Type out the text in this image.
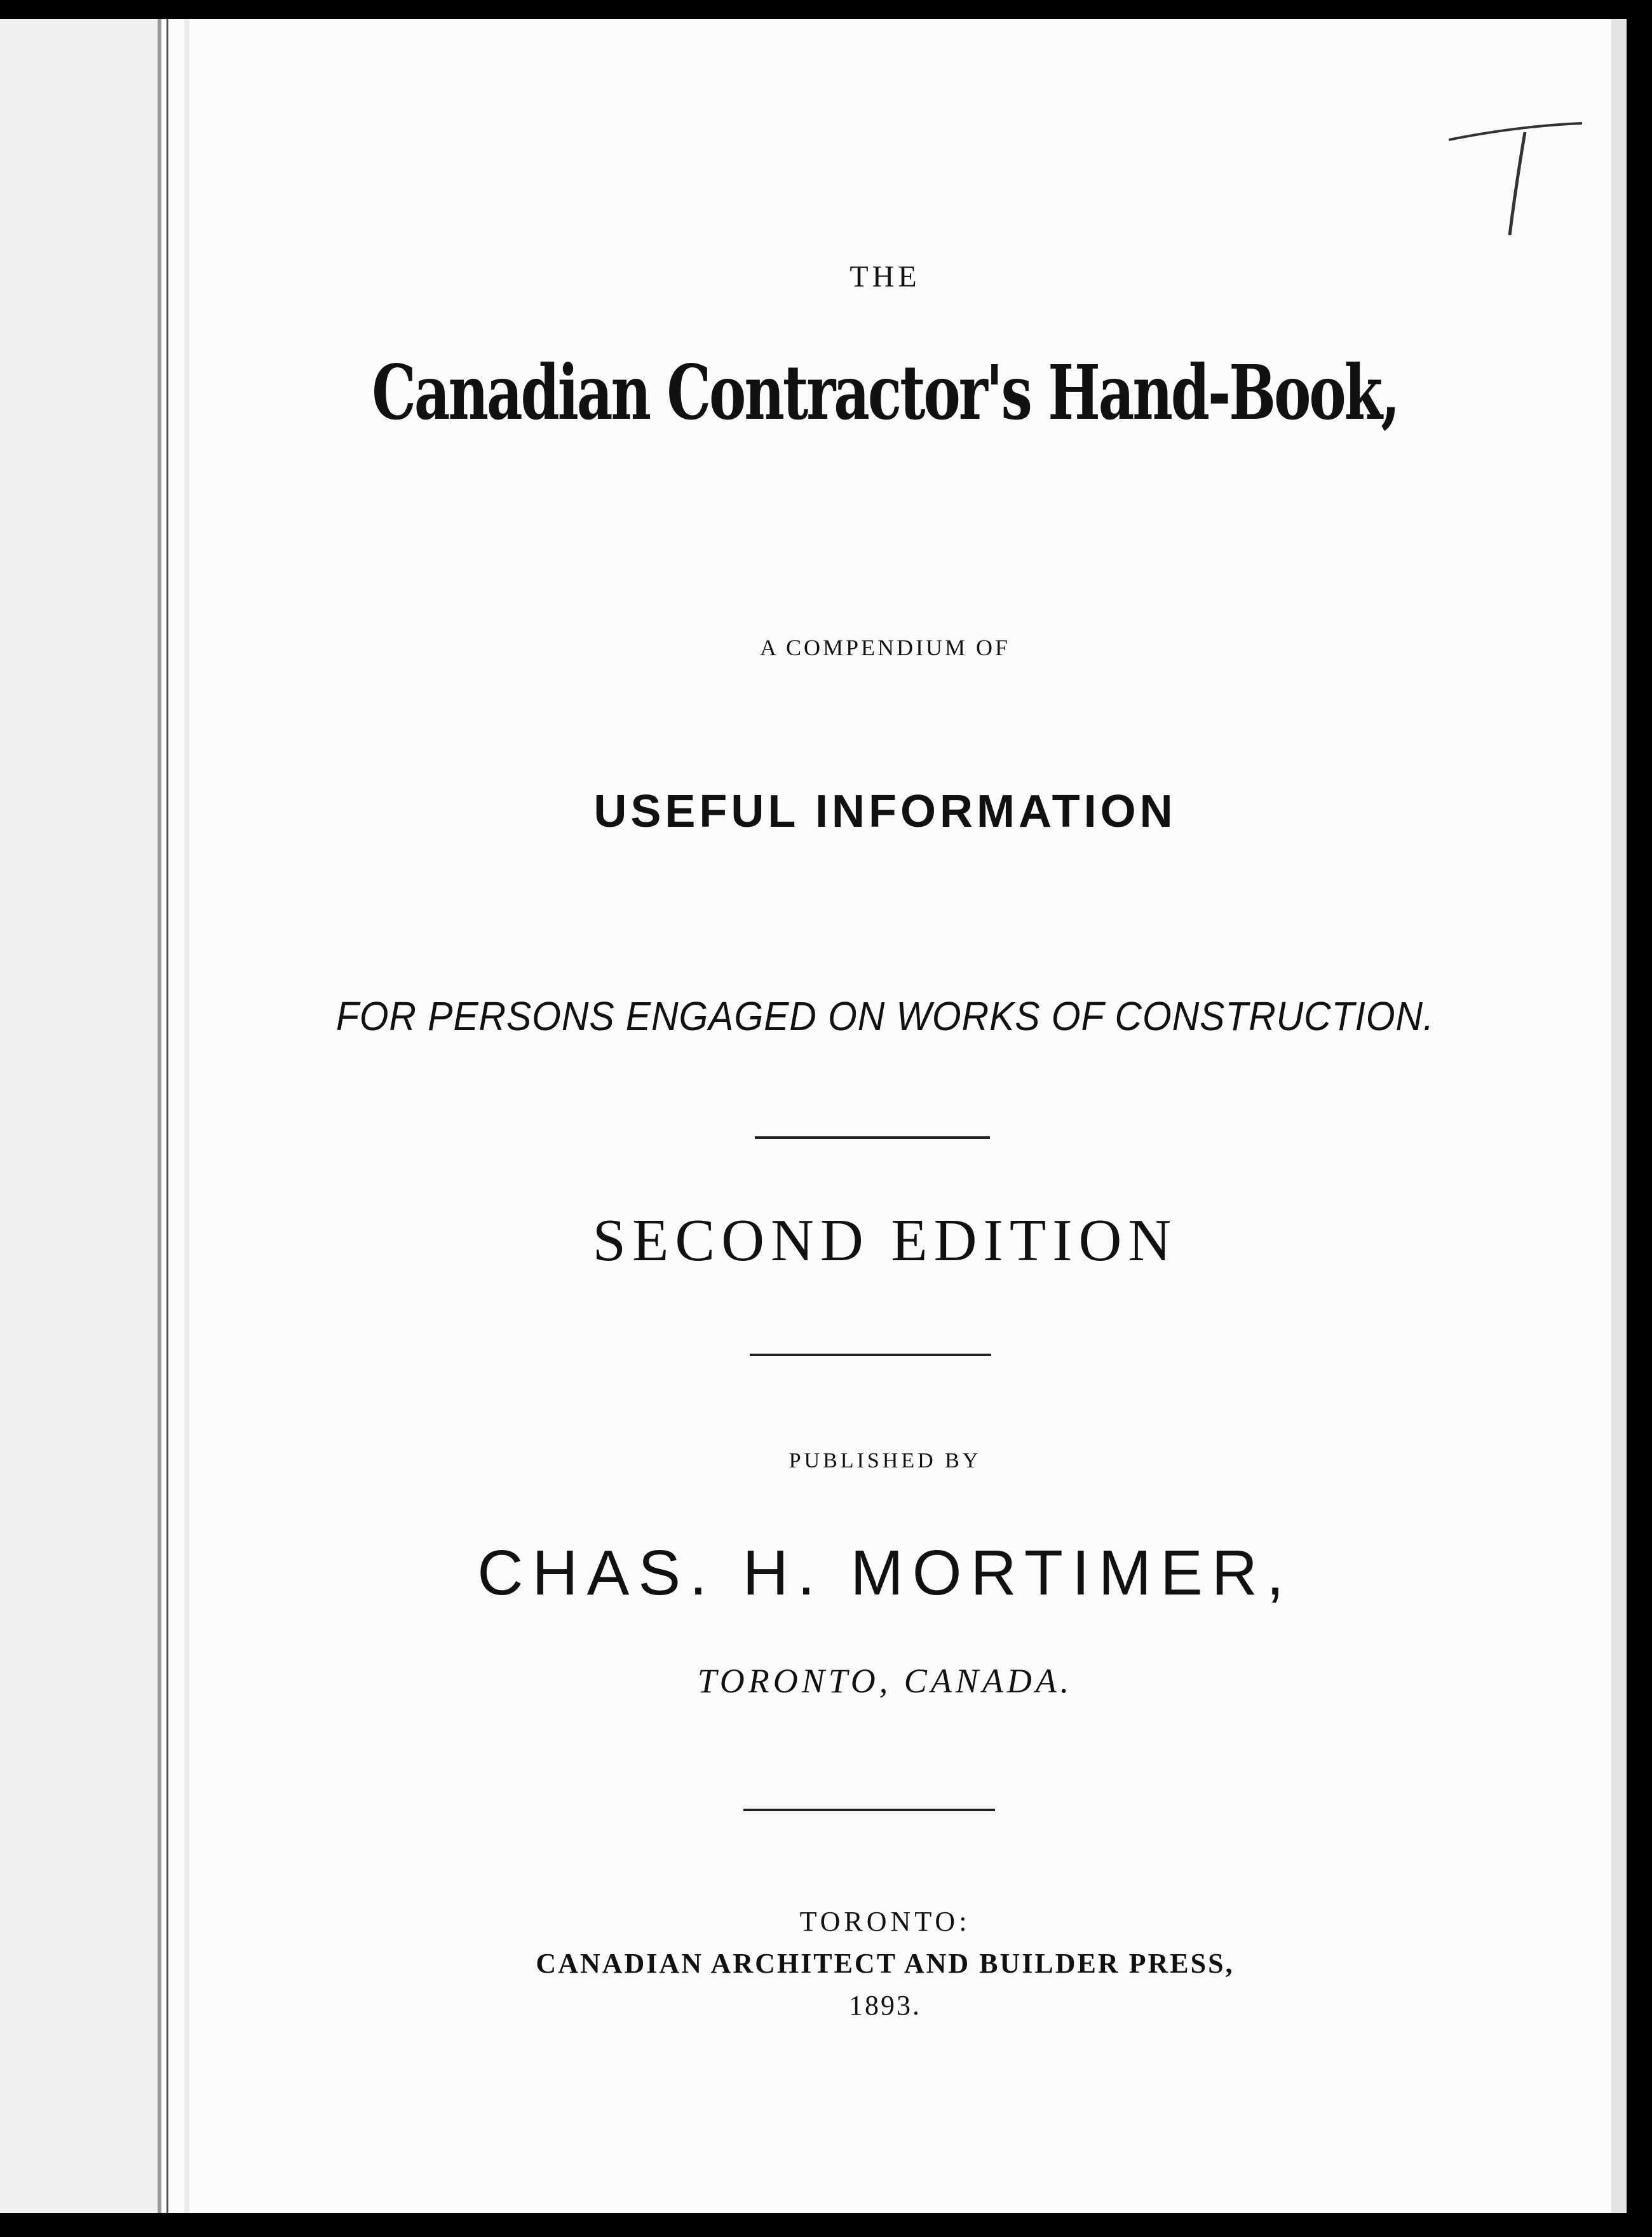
THE
Canadian Contractor's Hand-Book,
A COMPENDIUM OF
USEFUL INFORMATION
FOR PERSONS ENGAGED ON WORKS OF CONSTRUCTION.
SECOND EDITION
PUBLISHED BY
CHAS. H. MORTIMER,
TORONTO, CANADA.
TORONTO:
CANADIAN ARCHITECT AND BUILDER PRESS,
1893.
